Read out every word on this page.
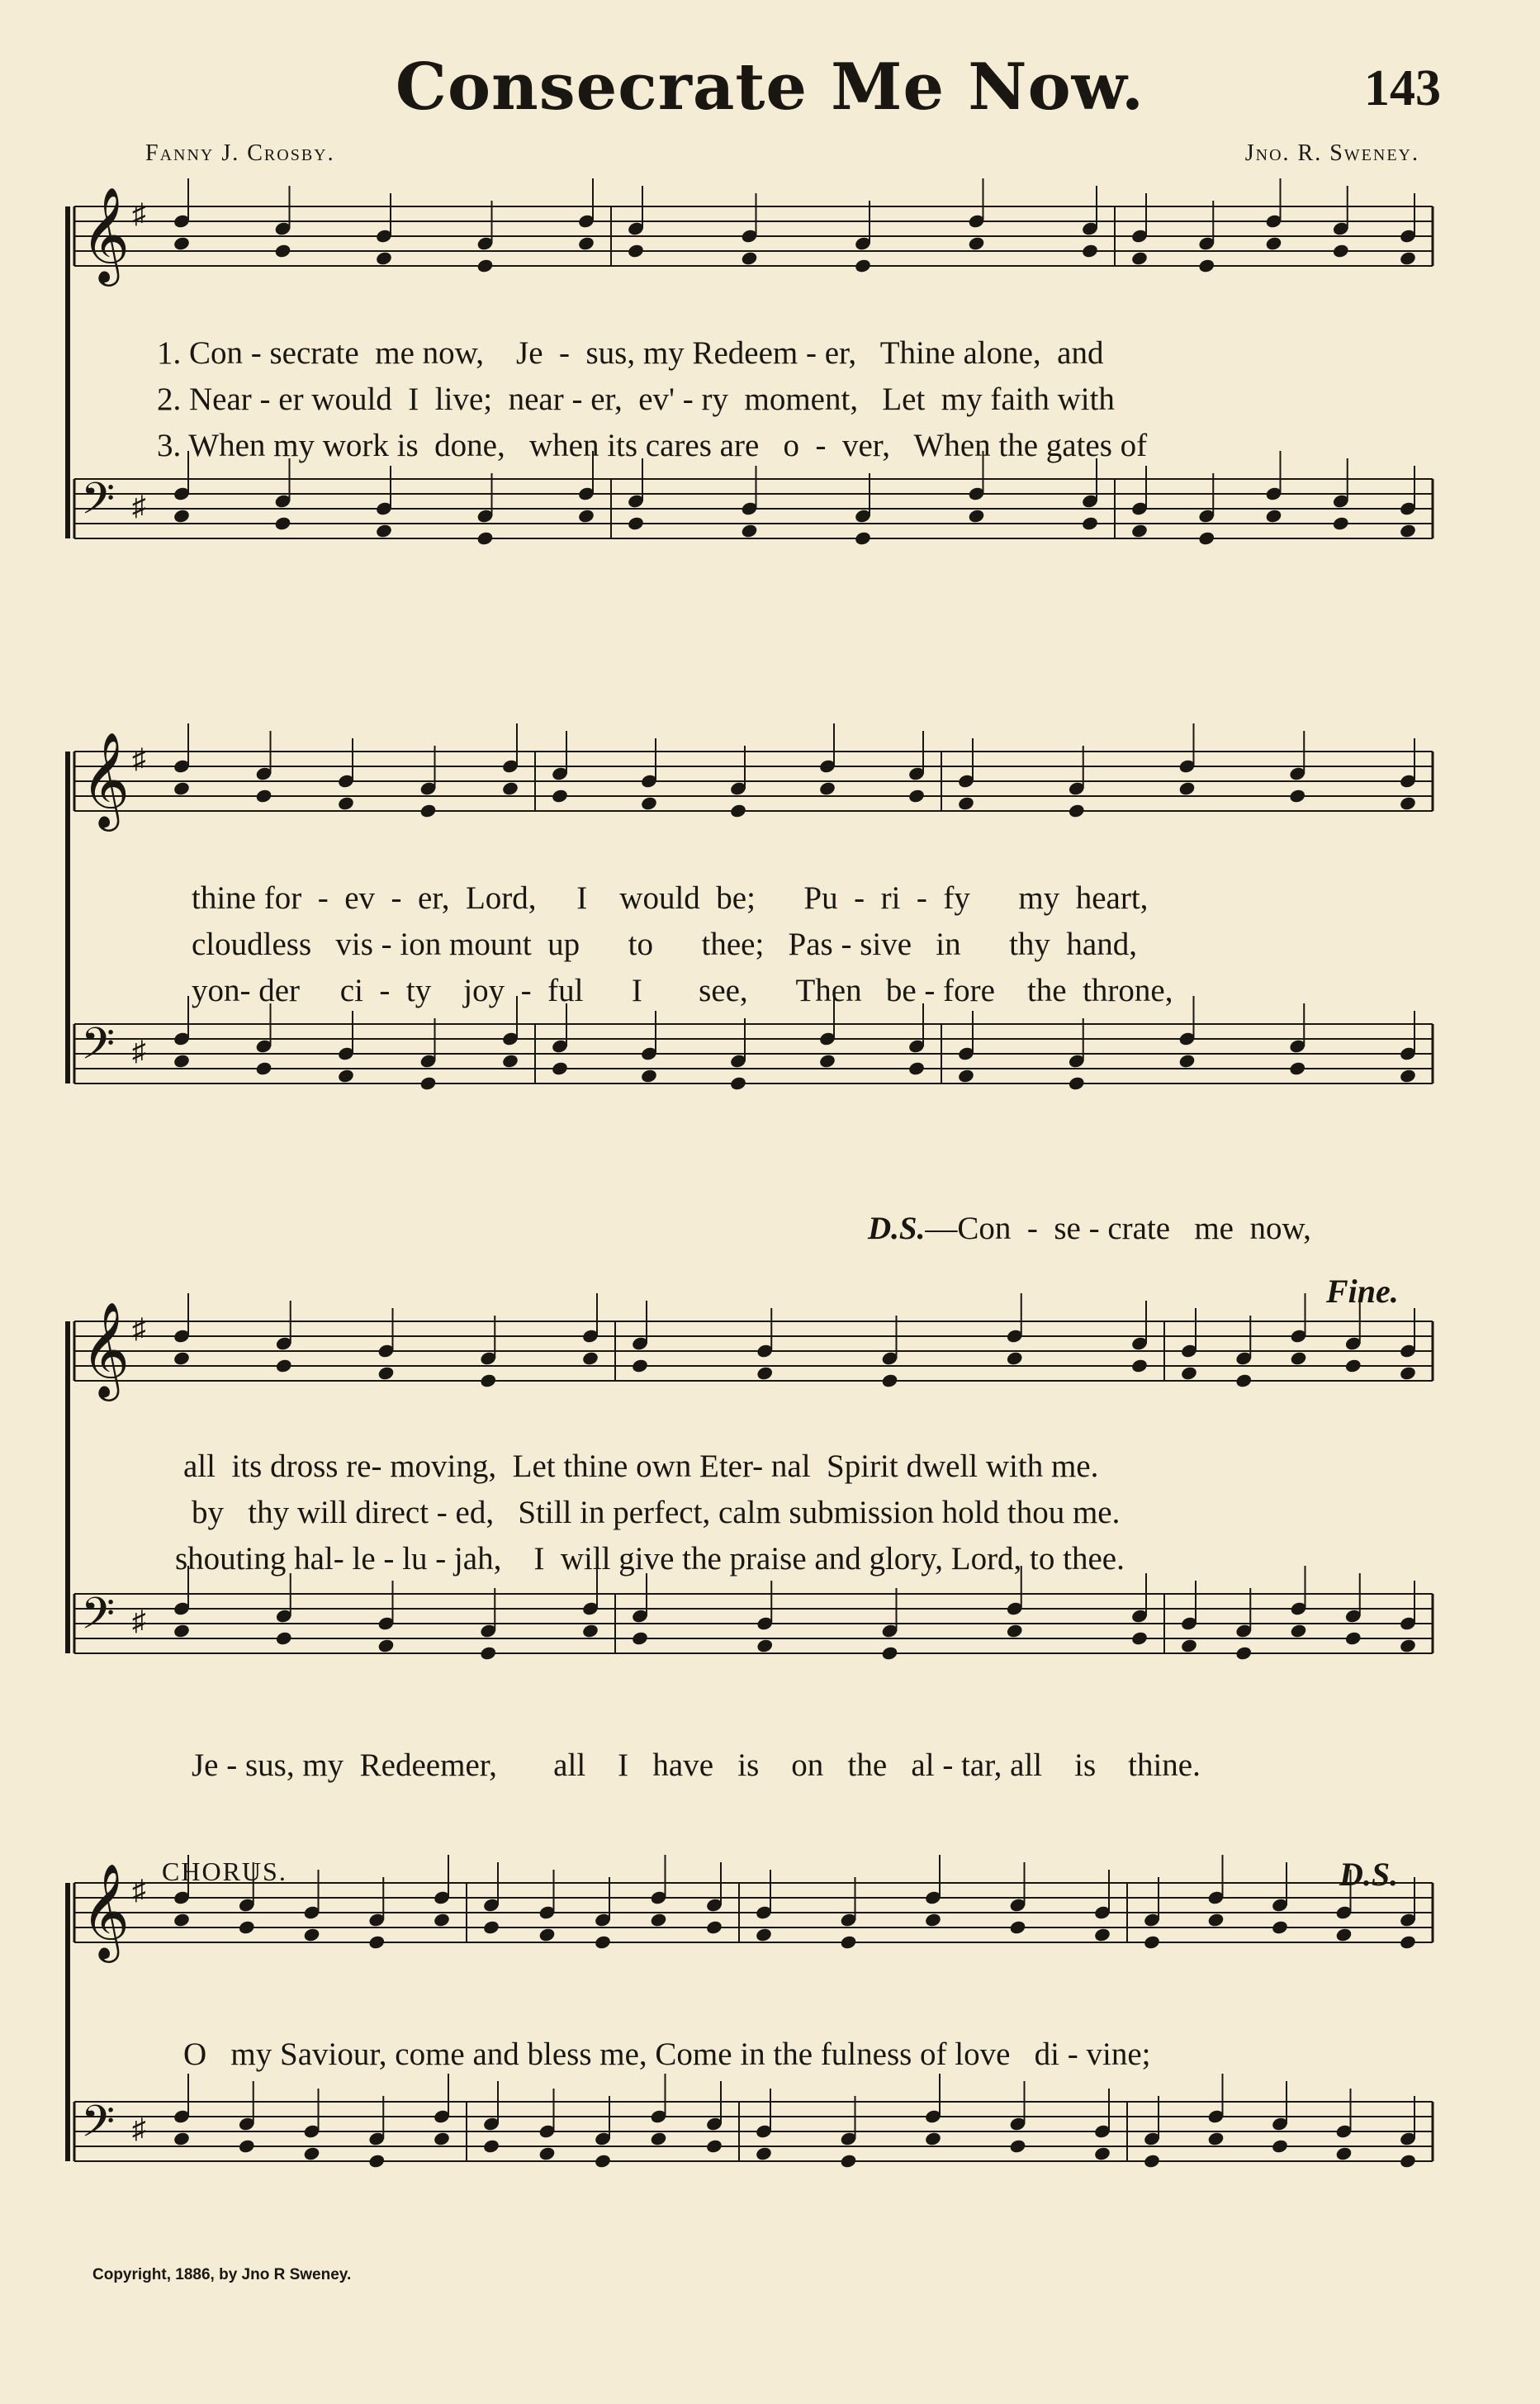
Consecrate Me Now.	143
Fanny J. Crosby.	Jno. R. Sweney.
𝄞 ♯
𝄢 ♯
1. Con - secrate  me now,    Je  -  sus, my Redeem - er,   Thine alone,  and
2. Near - er would  I  live;  near - er,  ev' - ry  moment,   Let  my faith with
3. When my work is  done,   when its cares are   o  -  ver,   When the gates of
𝄞 ♯
𝄢 ♯
thine for  -  ev  -  er,  Lord,     I    would  be;      Pu  -  ri  -  fy      my  heart,
cloudless   vis - ion mount  up      to      thee;   Pas - sive   in      thy  hand,
yon- der     ci  -  ty    joy  -  ful      I       see,      Then   be - fore    the  throne,

D.S.—Con  -  se - crate   me  now,

𝄞 ♯
𝄢 ♯
Fine.
all  its dross re- moving,  Let thine own Eter- nal  Spirit dwell with me.
by   thy will direct - ed,   Still in perfect, calm submission hold thou me.
shouting hal- le - lu - jah,    I  will give the praise and glory, Lord, to thee.
Je - sus, my  Redeemer,       all    I   have   is    on   the   al - tar, all    is    thine.
CHORUS.	D.S.
𝄞 ♯
𝄢 ♯
O   my Saviour, come and bless me, Come in the fulness of love   di - vine;
Copyright, 1886, by Jno R Sweney.
